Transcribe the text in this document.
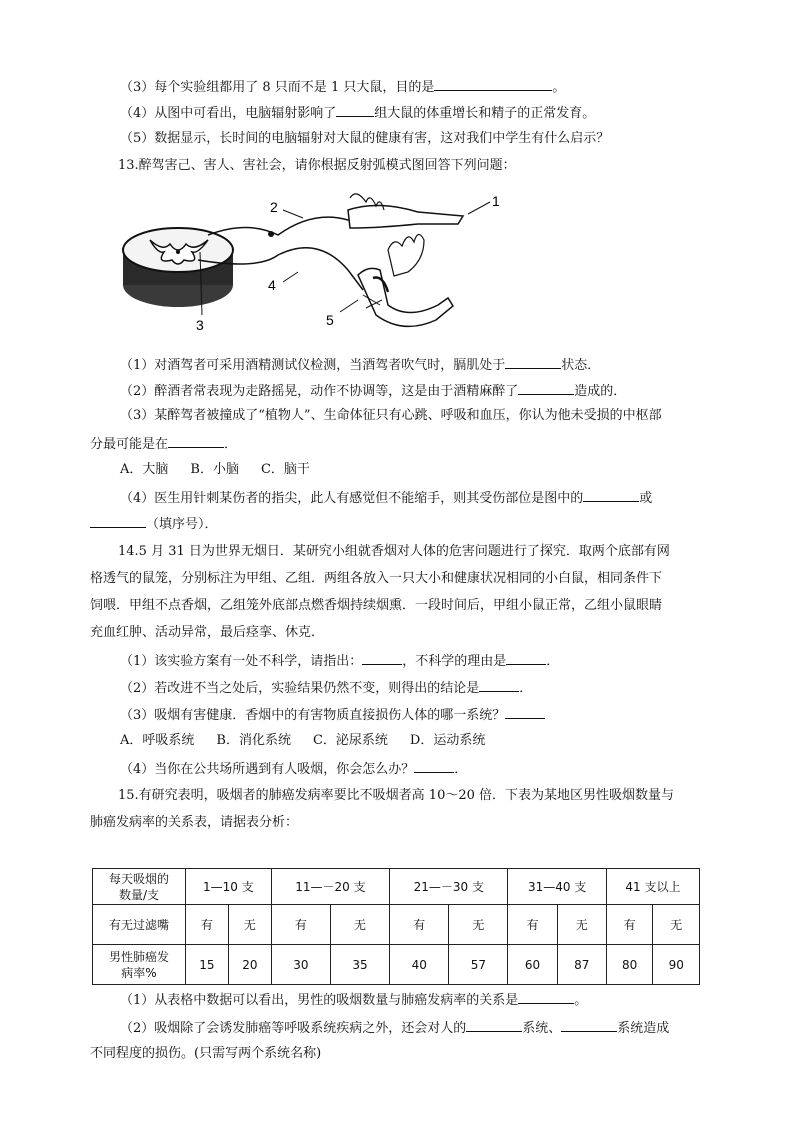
（3）每个实验组都用了 8 只而不是 1 只大鼠，目的是	。
（4）从图中可看出，电脑辐射影响了	组大鼠的体重增长和精子的正常发育。
（5）数据显示，长时间的电脑辐射对大鼠的健康有害，这对我们中学生有什么启示？
13.醉驾害己、害人、害社会，请你根据反射弧模式图回答下列问题：
1
2
3
4
5
（1）对酒驾者可采用酒精测试仪检测，当酒驾者吹气时，膈肌处于	状态．
（2）醉酒者常表现为走路摇晃，动作不协调等，这是由于酒精麻醉了	造成的．
（3）某醉驾者被撞成了“植物人”、生命体征只有心跳、呼吸和血压，你认为他未受损的中枢部
分最可能是在	．
A．大脑 B．小脑 C．脑干
（4）医生用针刺某伤者的指尖，此人有感觉但不能缩手，则其受伤部位是图中的	或
（填序号）．
14.5 月 31 日为世界无烟日．某研究小组就香烟对人体的危害问题进行了探究．取两个底部有网
格透气的鼠笼，分别标注为甲组、乙组．两组各放入一只大小和健康状况相同的小白鼠，相同条件下
饲喂．甲组不点香烟，乙组笼外底部点燃香烟持续烟熏．一段时间后，甲组小鼠正常，乙组小鼠眼睛
充血红肿、活动异常，最后痉挛、休克．
（1）该实验方案有一处不科学，请指出：	，不科学的理由是	．
（2）若改进不当之处后，实验结果仍然不变，则得出的结论是	．
（3）吸烟有害健康．香烟中的有害物质直接损伤人体的哪一系统？
A．呼吸系统 B．消化系统 C．泌尿系统 D．运动系统
（4）当你在公共场所遇到有人吸烟，你会怎么办？	．
15.有研究表明，吸烟者的肺癌发病率要比不吸烟者高 10～20 倍．下表为某地区男性吸烟数量与
肺癌发病率的关系表，请据表分析：
每天吸烟的
数量/支	1—10 支		11—－20 支		21—－30 支		31—40 支		41 支以上	
有无过滤嘴	有	无	有	无	有	无	有	无	有	无
男性肺癌发
病率%	15	20	30	35	40	57	60	87	80	90
（1）从表格中数据可以看出，男性的吸烟数量与肺癌发病率的关系是	。
（2）吸烟除了会诱发肺癌等呼吸系统疾病之外，还会对人的	系统、	系统造成
不同程度的损伤。(只需写两个系统名称)
